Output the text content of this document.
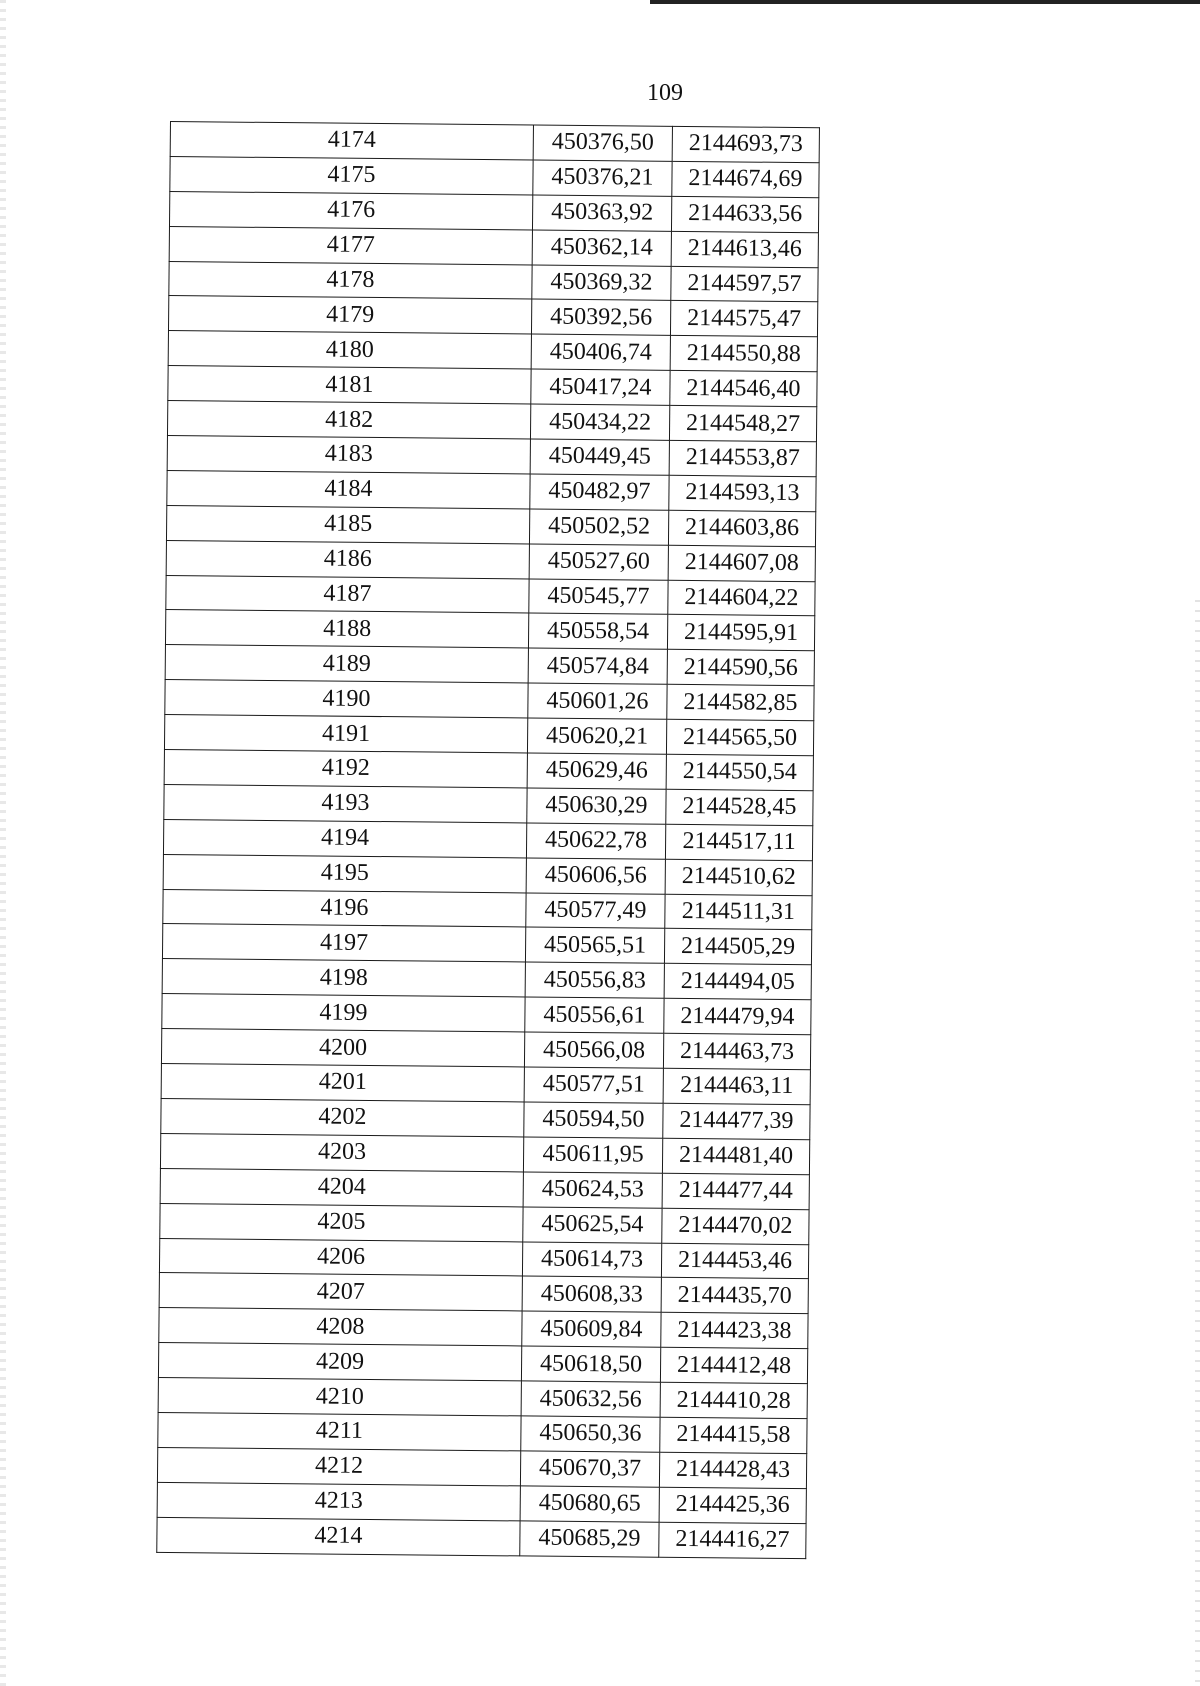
109
4174	450376,50	2144693,73
4175	450376,21	2144674,69
4176	450363,92	2144633,56
4177	450362,14	2144613,46
4178	450369,32	2144597,57
4179	450392,56	2144575,47
4180	450406,74	2144550,88
4181	450417,24	2144546,40
4182	450434,22	2144548,27
4183	450449,45	2144553,87
4184	450482,97	2144593,13
4185	450502,52	2144603,86
4186	450527,60	2144607,08
4187	450545,77	2144604,22
4188	450558,54	2144595,91
4189	450574,84	2144590,56
4190	450601,26	2144582,85
4191	450620,21	2144565,50
4192	450629,46	2144550,54
4193	450630,29	2144528,45
4194	450622,78	2144517,11
4195	450606,56	2144510,62
4196	450577,49	2144511,31
4197	450565,51	2144505,29
4198	450556,83	2144494,05
4199	450556,61	2144479,94
4200	450566,08	2144463,73
4201	450577,51	2144463,11
4202	450594,50	2144477,39
4203	450611,95	2144481,40
4204	450624,53	2144477,44
4205	450625,54	2144470,02
4206	450614,73	2144453,46
4207	450608,33	2144435,70
4208	450609,84	2144423,38
4209	450618,50	2144412,48
4210	450632,56	2144410,28
4211	450650,36	2144415,58
4212	450670,37	2144428,43
4213	450680,65	2144425,36
4214	450685,29	2144416,27
